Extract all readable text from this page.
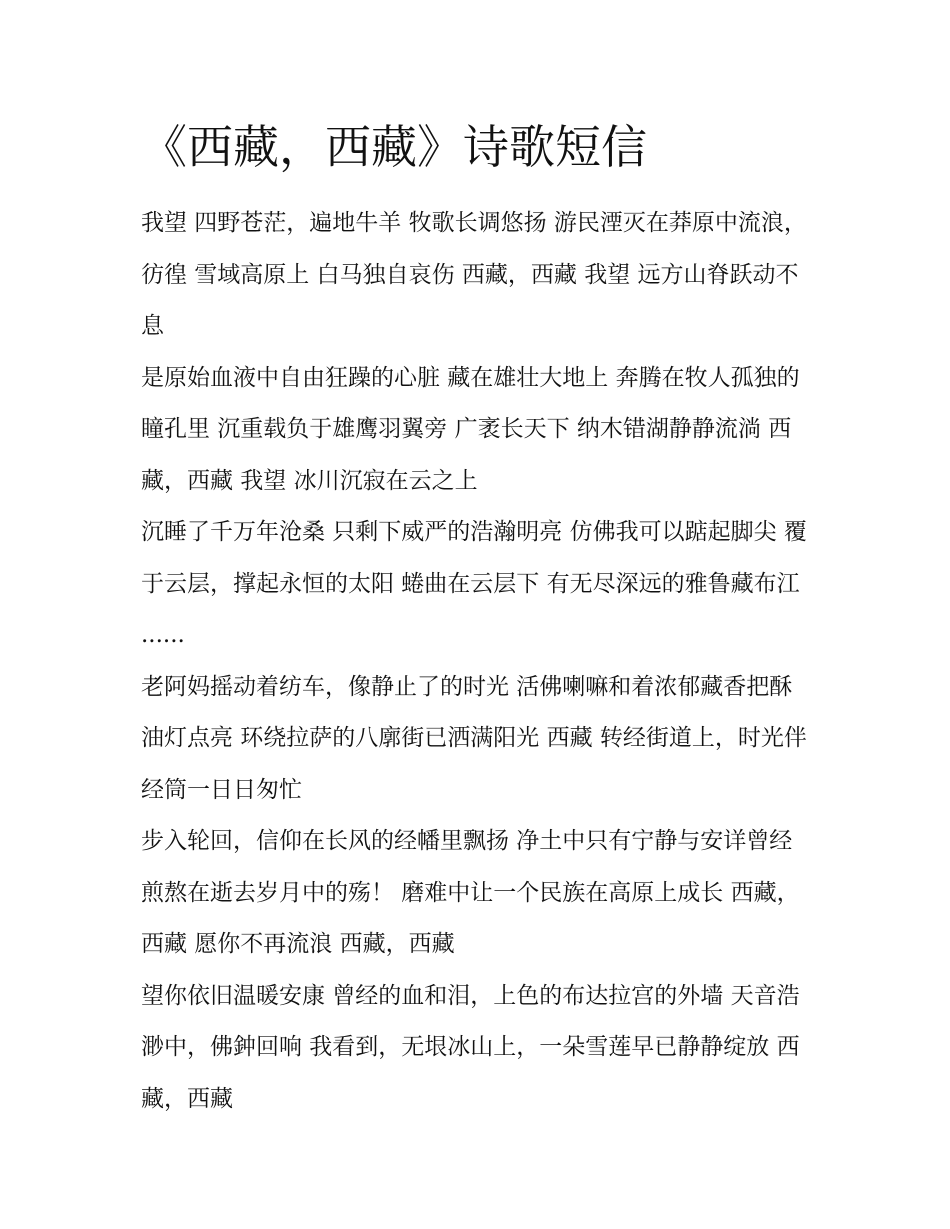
《西藏，西藏》诗歌短信

我望 四野苍茫，遍地牛羊 牧歌长调悠扬 游民湮灭在莽原中流浪，彷徨 雪域高原上 白马独自哀伤 西藏，西藏 我望 远方山脊跃动不息

是原始血液中自由狂躁的心脏 藏在雄壮大地上 奔腾在牧人孤独的瞳孔里 沉重载负于雄鹰羽翼旁 广袤长天下 纳木错湖静静流淌 西藏，西藏 我望 冰川沉寂在云之上

沉睡了千万年沧桑 只剩下威严的浩瀚明亮 仿佛我可以踮起脚尖 覆于云层，撑起永恒的太阳 蜷曲在云层下 有无尽深远的雅鲁藏布江 ......

老阿妈摇动着纺车，像静止了的时光 活佛喇嘛和着浓郁藏香把酥油灯点亮 环绕拉萨的八廓街已洒满阳光 西藏 转经街道上，时光伴经筒一日日匆忙

步入轮回，信仰在长风的经幡里飘扬 净土中只有宁静与安详曾经煎熬在逝去岁月中的殇！ 磨难中让一个民族在高原上成长 西藏，西藏 愿你不再流浪 西藏，西藏

望你依旧温暖安康 曾经的血和泪，上色的布达拉宫的外墙 天音浩渺中，佛鈡回响 我看到，无垠冰山上，一朵雪莲早已静静绽放 西藏，西藏
